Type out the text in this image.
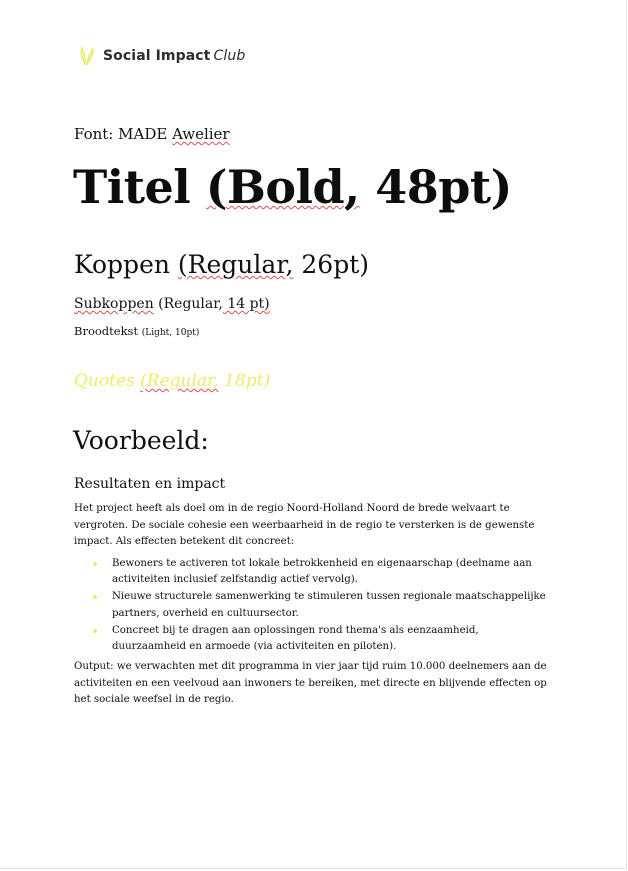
Social Impact Club
Font: MADE Awelier
Titel (Bold, 48pt)
Koppen (Regular, 26pt)
Subkoppen (Regular, 14 pt)
Broodtekst (Light, 10pt)
Quotes (Regular, 18pt)
Voorbeeld:
Resultaten en impact
Het project heeft als doel om in de regio Noord-Holland Noord de brede welvaart te vergroten. De sociale cohesie een weerbaarheid in de regio te versterken is de gewenste impact. Als effecten betekent dit concreet:
Bewoners te activeren tot lokale betrokkenheid en eigenaarschap (deelname aan activiteiten inclusief zelfstandig actief vervolg).
Nieuwe structurele samenwerking te stimuleren tussen regionale maatschappelijke partners, overheid en cultuursector.
Concreet bij te dragen aan oplossingen rond thema's als eenzaamheid, duurzaamheid en armoede (via activiteiten en piloten).
Output: we verwachten met dit programma in vier jaar tijd ruim 10.000 deelnemers aan de activiteiten en een veelvoud aan inwoners te bereiken, met directe en blijvende effecten op het sociale weefsel in de regio.
